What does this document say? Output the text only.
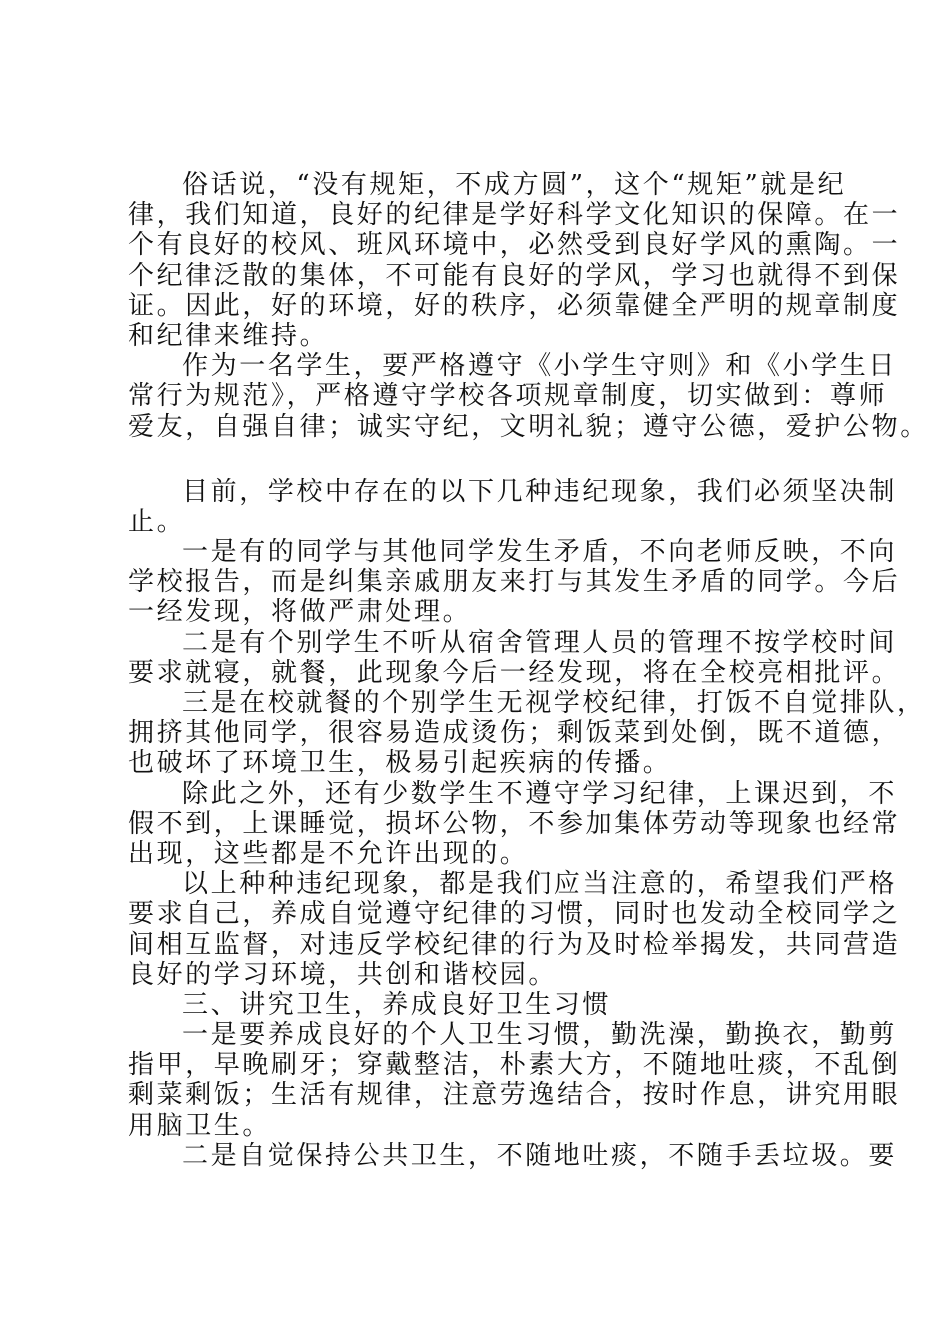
俗话说，“没有规矩，不成方圆”，这个“规矩”就是纪
律，我们知道，良好的纪律是学好科学文化知识的保障。在一
个有良好的校风、班风环境中，必然受到良好学风的熏陶。一
个纪律泛散的集体，不可能有良好的学风，学习也就得不到保
证。因此，好的环境，好的秩序，必须靠健全严明的规章制度
和纪律来维持。
作为一名学生，要严格遵守《小学生守则》和《小学生日
常行为规范》，严格遵守学校各项规章制度，切实做到：尊师
爱友，自强自律；诚实守纪，文明礼貌；遵守公德，爱护公物。
目前，学校中存在的以下几种违纪现象，我们必须坚决制
止。
一是有的同学与其他同学发生矛盾，不向老师反映，不向
学校报告，而是纠集亲戚朋友来打与其发生矛盾的同学。今后
一经发现，将做严肃处理。
二是有个别学生不听从宿舍管理人员的管理不按学校时间
要求就寝，就餐，此现象今后一经发现，将在全校亮相批评。
三是在校就餐的个别学生无视学校纪律，打饭不自觉排队，
拥挤其他同学，很容易造成烫伤；剩饭菜到处倒，既不道德，
也破坏了环境卫生，极易引起疾病的传播。
除此之外，还有少数学生不遵守学习纪律，上课迟到，不
假不到，上课睡觉，损坏公物，不参加集体劳动等现象也经常
出现，这些都是不允许出现的。
以上种种违纪现象，都是我们应当注意的，希望我们严格
要求自己，养成自觉遵守纪律的习惯，同时也发动全校同学之
间相互监督，对违反学校纪律的行为及时检举揭发，共同营造
良好的学习环境，共创和谐校园。
三、讲究卫生，养成良好卫生习惯
一是要养成良好的个人卫生习惯，勤洗澡，勤换衣，勤剪
指甲，早晚刷牙；穿戴整洁，朴素大方，不随地吐痰，不乱倒
剩菜剩饭；生活有规律，注意劳逸结合，按时作息，讲究用眼
用脑卫生。
二是自觉保持公共卫生，不随地吐痰，不随手丢垃圾。要
